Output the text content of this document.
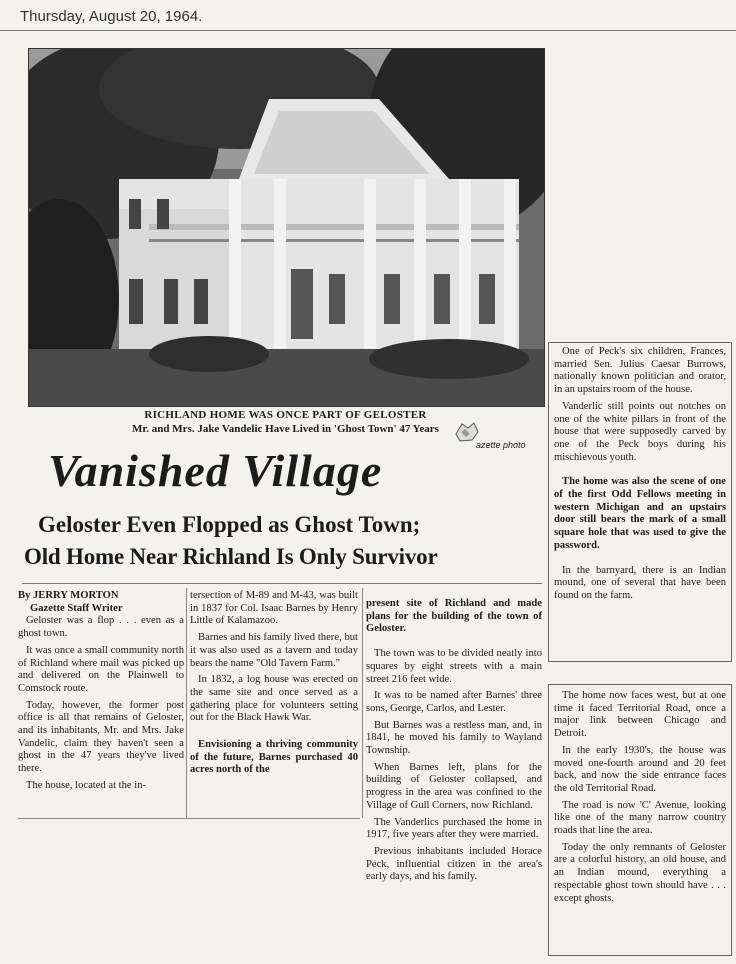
Thursday, August 20, 1964.
RICHLAND HOME WAS ONCE PART OF GELOSTER
Mr. and Mrs. Jake Vandelic Have Lived in 'Ghost Town' 47 Years
azette photo
Vanished Village
Geloster Even Flopped as Ghost Town;
Old Home Near Richland Is Only Survivor

By JERRY MORTON

Gazette Staff Writer

Geloster was a flop . . . even as a ghost town.

It was once a small community north of Richland where mail was picked up and delivered on the Plainwell to Comstock route.

Today, however, the former post office is all that remains of Geloster, and its inhabitants, Mr. and Mrs. Jake Vandelic, claim they haven't seen a ghost in the 47 years they've lived there.

The house, located at the in-

tersection of M-89 and M-43, was built in 1837 for Col. Isaac Barnes by Henry Little of Kalamazoo.

Barnes and his family lived there, but it was also used as a tavern and today bears the name "Old Tavern Farm."

In 1832, a log house was erected on the same site and once served as a gathering place for volunteers setting out for the Black Hawk War.

Envisioning a thriving community of the future, Barnes purchased 40 acres north of the

present site of Richland and made plans for the building of the town of Geloster.

The town was to be divided neatly into squares by eight streets with a main street 216 feet wide.

It was to be named after Barnes' three sons, George, Carlos, and Lester.

But Barnes was a restless man, and, in 1841, he moved his family to Wayland Township.

When Barnes left, plans for the building of Geloster collapsed, and progress in the area was confined to the Village of Gull Corners, now Richland.

The Vanderlics purchased the home in 1917, five years after they were married.

Previous inhabitants included Horace Peck, influential citizen in the area's early days, and his family.

One of Peck's six children, Frances, married Sen. Julius Caesar Burrows, nationally known politician and orator, in an upstairs room of the house.

Vanderlic still points out notches on one of the white pillars in front of the house that were supposedly carved by one of the Peck boys during his mischievous youth.

The home was also the scene of one of the first Odd Fellows meeting in western Michigan and an upstairs door still bears the mark of a small square hole that was used to give the password.

In the barnyard, there is an Indian mound, one of several that have been found on the farm.

The home now faces west, but at one time it faced Territorial Road, once a major link between Chicago and Detroit.

In the early 1930's, the house was moved one-fourth around and 20 feet back, and now the side entrance faces the old Territorial Road.

The road is now 'C' Avenue, looking like one of the many narrow country roads that line the area.

Today the only remnants of Geloster are a colorful history, an old house, and an Indian mound, everything a respectable ghost town should have . . . except ghosts.
